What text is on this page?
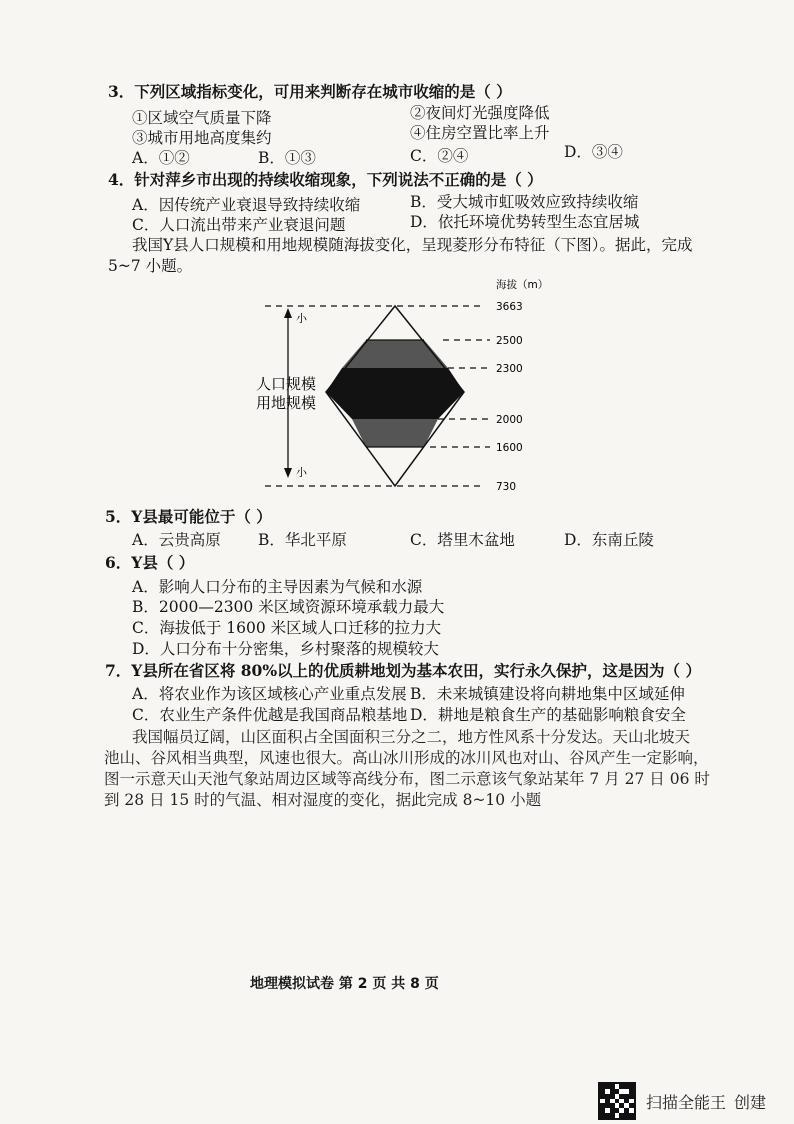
3．下列区域指标变化，可用来判断存在城市收缩的是（ ）
①区域空气质量下降	②夜间灯光强度降低
③城市用地高度集约	④住房空置比率上升
A．①②	B．①③	C．②④	D．③④
4．针对萍乡市出现的持续收缩现象，下列说法不正确的是（ ）
A．因传统产业衰退导致持续收缩	B．受大城市虹吸效应致持续收缩
C．人口流出带来产业衰退问题	D．依托环境优势转型生态宜居城
我国Y县人口规模和用地规模随海拔变化，呈现菱形分布特征（下图）。据此，完成
5~7 小题。
小
小
人口规模
用地规模
海拔（m）
3663
2500
2300
2000
1600
730
5．Y县最可能位于（ ）
A．云贵高原 B．华北平原	C．塔里木盆地	D．东南丘陵
6．Y县（ ）
A．影响人口分布的主导因素为气候和水源
B．2000—2300 米区域资源环境承载力最大
C．海拔低于 1600 米区域人口迁移的拉力大
D．人口分布十分密集，乡村聚落的规模较大
7．Y县所在省区将 80%以上的优质耕地划为基本农田，实行永久保护，这是因为（ ）
A．将农业作为该区域核心产业重点发展 B．未来城镇建设将向耕地集中区域延伸
C．农业生产条件优越是我国商品粮基地 D．耕地是粮食生产的基础影响粮食安全
我国幅员辽阔，山区面积占全国面积三分之二，地方性风系十分发达。天山北坡天
池山、谷风相当典型，风速也很大。高山冰川形成的冰川风也对山、谷风产生一定影响，
图一示意天山天池气象站周边区域等高线分布，图二示意该气象站某年 7 月 27 日 06 时
到 28 日 15 时的气温、相对湿度的变化，据此完成 8~10 小题
地理模拟试卷 第 2 页 共 8 页
扫描全能王 创建
